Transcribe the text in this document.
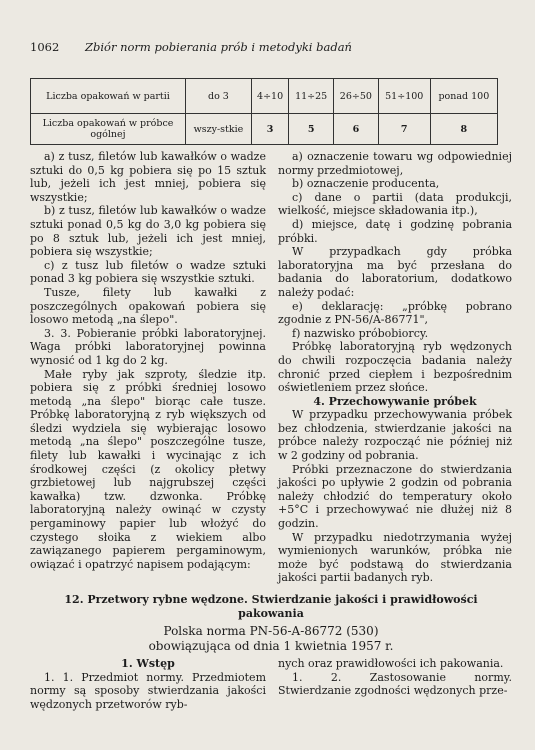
1062 Zbiór norm pobierania prób i metodyki badań
Liczba opakowań w partii	do 3	4÷10	11÷25	26÷50	51÷100	ponad 100
Liczba opakowań w próbce ogólnej	wszy-stkie	3	5	6	7	8

a) z tusz, filetów lub kawałków o wadze sztuki do 0,5 kg pobiera się po 15 sztuk lub, jeżeli ich jest mniej, pobiera się wszystkie;

b) z tusz, filetów lub kawałków o wadze sztuki ponad 0,5 kg do 3,0 kg pobiera się po 8 sztuk lub, jeżeli ich jest mniej, pobiera się wszystkie;

c) z tusz lub filetów o wadze sztuki ponad 3 kg pobiera się wszystkie sztuki.

Tusze, filety lub kawałki z poszczególnych opakowań pobiera się losowo metodą „na ślepo".

3. 3. Pobieranie próbki laboratoryjnej. Waga próbki laboratoryjnej powinna wynosić od 1 kg do 2 kg.

Małe ryby jak szproty, śledzie itp. pobiera się z próbki średniej losowo metodą „na ślepo" biorąc całe tusze. Próbkę laboratoryjną z ryb większych od śledzi wydziela się wybierając losowo metodą „na ślepo" poszczególne tusze, filety lub kawałki i wycinając z ich środkowej części (z okolicy płetwy grzbietowej lub najgrubszej części kawałka) tzw. dzwonka. Próbkę laboratoryjną należy owinąć w czysty pergaminowy papier lub włożyć do czystego słoika z wiekiem albo zawiązanego papierem pergaminowym, owiązać i opatrzyć napisem podającym:

a) oznaczenie towaru wg odpowiedniej normy przedmiotowej,

b) oznaczenie producenta,

c) dane o partii (data produkcji, wielkość, miejsce składowania itp.),

d) miejsce, datę i godzinę pobrania próbki.

W przypadkach gdy próbka laboratoryjna ma być przesłana do badania do laboratorium, dodatkowo należy podać:

e) deklarację: „próbkę pobrano zgodnie z PN-56/A-86771",

f) nazwisko próbobiorcy.

Próbkę laboratoryjną ryb wędzonych do chwili rozpoczęcia badania należy chronić przed ciepłem i bezpośrednim oświetleniem przez słońce.

4. Przechowywanie próbek

W przypadku przechowywania próbek bez chłodzenia, stwierdzanie jakości na próbce należy rozpocząć nie później niż w 2 godziny od pobrania.

Próbki przeznaczone do stwierdzania jakości po upływie 2 godzin od pobrania należy chłodzić do temperatury około +5°C i przechowywać nie dłużej niż 8 godzin.

W przypadku niedotrzymania wyżej wymienionych warunków, próbka nie może być podstawą do stwierdzania jakości partii badanych ryb.

12. Przetwory rybne wędzone. Stwierdzanie jakości i prawidłowości pakowania
Polska norma PN-56-A-86772 (530)
obowiązująca od dnia 1 kwietnia 1957 r.

1. Wstęp

1. 1. Przedmiot normy. Przedmiotem normy są sposoby stwierdzania jakości wędzonych przetworów ryb-

nych oraz prawidłowości ich pakowania.

1. 2. Zastosowanie normy. Stwierdzanie zgodności wędzonych prze-
